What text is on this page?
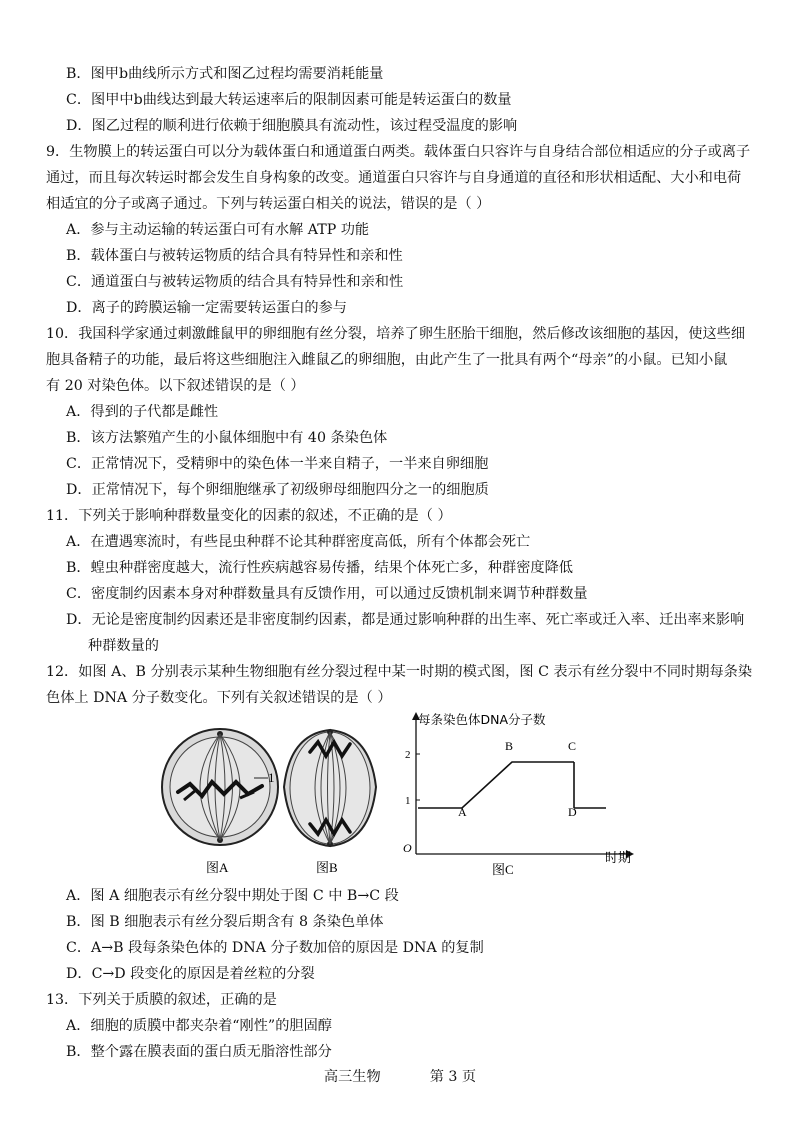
B．图甲b曲线所示方式和图乙过程均需要消耗能量
C．图甲中b曲线达到最大转运速率后的限制因素可能是转运蛋白的数量
D．图乙过程的顺利进行依赖于细胞膜具有流动性，该过程受温度的影响
9．生物膜上的转运蛋白可以分为载体蛋白和通道蛋白两类。载体蛋白只容许与自身结合部位相适应的分子或离子
通过，而且每次转运时都会发生自身构象的改变。通道蛋白只容许与自身通道的直径和形状相适配、大小和电荷
相适宜的分子或离子通过。下列与转运蛋白相关的说法，错误的是（ ）
A．参与主动运输的转运蛋白可有水解 ATP 功能
B．载体蛋白与被转运物质的结合具有特异性和亲和性
C．通道蛋白与被转运物质的结合具有特异性和亲和性
D．离子的跨膜运输一定需要转运蛋白的参与
10．我国科学家通过刺激雌鼠甲的卵细胞有丝分裂，培养了卵生胚胎干细胞，然后修改该细胞的基因，使这些细
胞具备精子的功能，最后将这些细胞注入雌鼠乙的卵细胞，由此产生了一批具有两个“母亲”的小鼠。已知小鼠
有 20 对染色体。以下叙述错误的是（ ）
A．得到的子代都是雌性
B．该方法繁殖产生的小鼠体细胞中有 40 条染色体
C．正常情况下，受精卵中的染色体一半来自精子，一半来自卵细胞
D．正常情况下，每个卵细胞继承了初级卵母细胞四分之一的细胞质
11．下列关于影响种群数量变化的因素的叙述，不正确的是（ ）
A．在遭遇寒流时，有些昆虫种群不论其种群密度高低，所有个体都会死亡
B．蝗虫种群密度越大，流行性疾病越容易传播，结果个体死亡多，种群密度降低
C．密度制约因素本身对种群数量具有反馈作用，可以通过反馈机制来调节种群数量
D．无论是密度制约因素还是非密度制约因素，都是通过影响种群的出生率、死亡率或迁入率、迁出率来影响
种群数量的
12．如图 A、B 分别表示某种生物细胞有丝分裂过程中某一时期的模式图，图 C 表示有丝分裂中不同时期每条染
色体上 DNA 分子数变化。下列有关叙述错误的是（ ）
1
图A	图B
每条染色体DNA分子数
2
1
O
A
B	C
D
时期
图C
A．图 A 细胞表示有丝分裂中期处于图 C 中 B→C 段
B．图 B 细胞表示有丝分裂后期含有 8 条染色单体
C．A→B 段每条染色体的 DNA 分子数加倍的原因是 DNA 的复制
D．C→D 段变化的原因是着丝粒的分裂
13．下列关于质膜的叙述，正确的是
A．细胞的质膜中都夹杂着“刚性”的胆固醇
B．整个露在膜表面的蛋白质无脂溶性部分
高三生物	第 3 页
